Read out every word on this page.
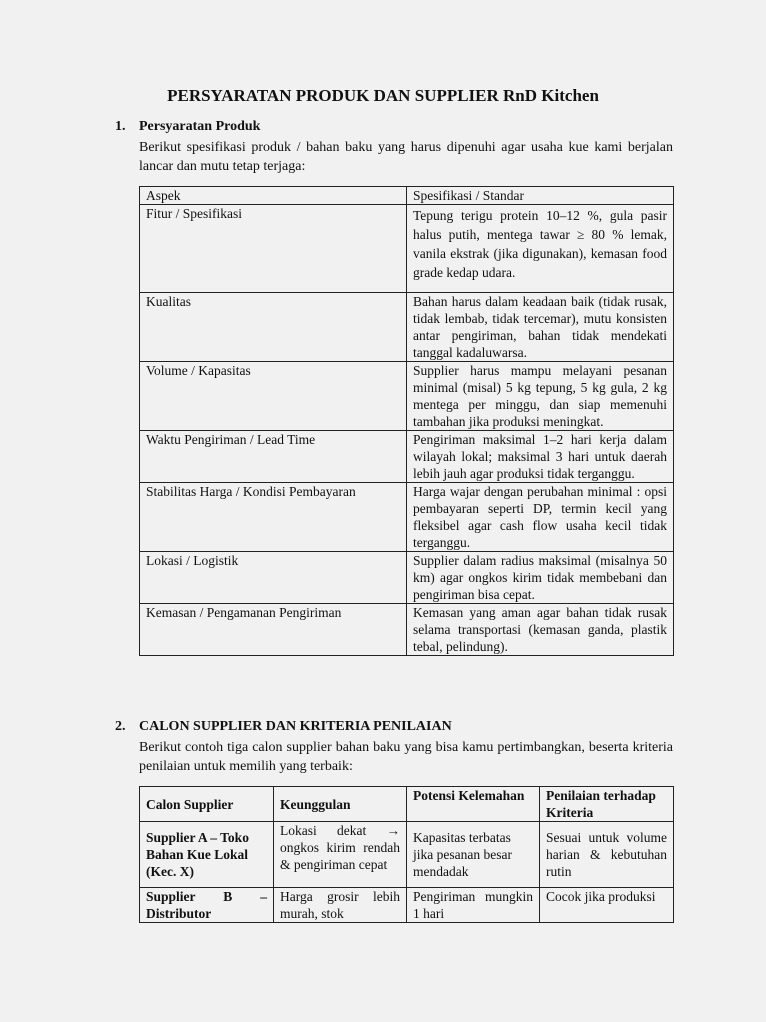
PERSYARATAN PRODUK DAN SUPPLIER RnD Kitchen
1. Persyaratan Produk
Berikut spesifikasi produk / bahan baku yang harus dipenuhi agar usaha kue kami berjalan lancar dan mutu tetap terjaga:
Aspek	Spesifikasi / Standar
Fitur / Spesifikasi	Tepung terigu protein 10–12 %, gula pasir halus putih, mentega tawar ≥ 80 % lemak, vanila ekstrak (jika digunakan), kemasan food grade kedap udara.
Kualitas	Bahan harus dalam keadaan baik (tidak rusak, tidak lembab, tidak tercemar), mutu konsisten antar pengiriman, bahan tidak mendekati tanggal kadaluwarsa.
Volume / Kapasitas	Supplier harus mampu melayani pesanan minimal (misal) 5 kg tepung, 5 kg gula, 2 kg mentega per minggu, dan siap memenuhi tambahan jika produksi meningkat.
Waktu Pengiriman / Lead Time	Pengiriman maksimal 1–2 hari kerja dalam wilayah lokal; maksimal 3 hari untuk daerah lebih jauh agar produksi tidak terganggu.
Stabilitas Harga / Kondisi Pembayaran	Harga wajar dengan perubahan minimal : opsi pembayaran seperti DP, termin kecil yang fleksibel agar cash flow usaha kecil tidak terganggu.
Lokasi / Logistik	Supplier dalam radius maksimal (misalnya 50 km) agar ongkos kirim tidak membebani dan pengiriman bisa cepat.
Kemasan / Pengamanan Pengiriman	Kemasan yang aman agar bahan tidak rusak selama transportasi (kemasan ganda, plastik tebal, pelindung).
2. CALON SUPPLIER DAN KRITERIA PENILAIAN
Berikut contoh tiga calon supplier bahan baku yang bisa kamu pertimbangkan, beserta kriteria penilaian untuk memilih yang terbaik:
Calon Supplier	Keunggulan	Potensi Kelemahan	Penilaian terhadap Kriteria
Supplier A – Toko Bahan Kue Lokal (Kec. X)	Lokasi dekat → ongkos kirim rendah & pengiriman cepat	Kapasitas terbatas jika pesanan besar mendadak	Sesuai untuk volume harian & kebutuhan rutin
Supplier B – Distributor	Harga grosir lebih murah, stok	Pengiriman mungkin 1 hari	Cocok jika produksi
